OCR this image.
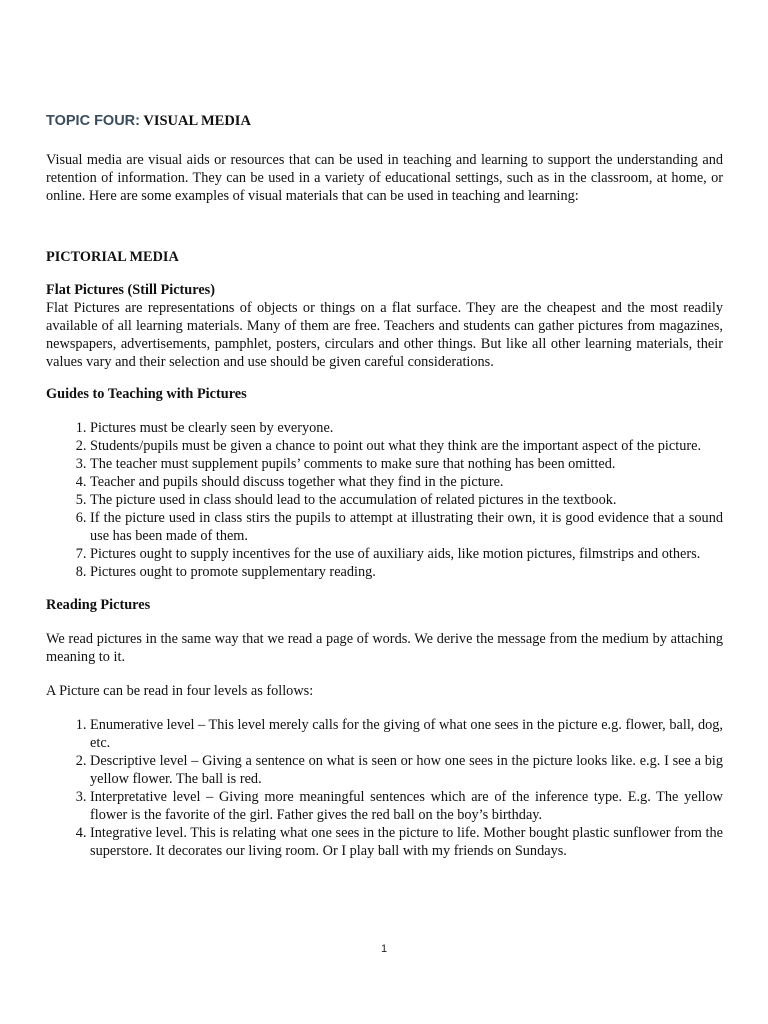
TOPIC FOUR: VISUAL MEDIA

Visual media are visual aids or resources that can be used in teaching and learning to support the understanding and retention of information. They can be used in a variety of educational settings, such as in the classroom, at home, or online. Here are some examples of visual materials that can be used in teaching and learning:

PICTORIAL MEDIA
Flat Pictures (Still Pictures)

Flat Pictures are representations of objects or things on a flat surface. They are the cheapest and the most readily available of all learning materials. Many of them are free. Teachers and students can gather pictures from magazines, newspapers, advertisements, pamphlet, posters, circulars and other things. But like all other learning materials, their values vary and their selection and use should be given careful considerations.

Guides to Teaching with Pictures
1. Pictures must be clearly seen by everyone.
2. Students/pupils must be given a chance to point out what they think are the important aspect of the picture.
3. The teacher must supplement pupils’ comments to make sure that nothing has been omitted.
4. Teacher and pupils should discuss together what they find in the picture.
5. The picture used in class should lead to the accumulation of related pictures in the textbook.
6. If the picture used in class stirs the pupils to attempt at illustrating their own, it is good evidence that a sound use has been made of them.
7. Pictures ought to supply incentives for the use of auxiliary aids, like motion pictures, filmstrips and others.
8. Pictures ought to promote supplementary reading.
Reading Pictures

We read pictures in the same way that we read a page of words. We derive the message from the medium by attaching meaning to it.

A Picture can be read in four levels as follows:

1. Enumerative level – This level merely calls for the giving of what one sees in the picture e.g. flower, ball, dog, etc.
2. Descriptive level – Giving a sentence on what is seen or how one sees in the picture looks like. e.g. I see a big yellow flower. The ball is red.
3. Interpretative level – Giving more meaningful sentences which are of the inference type. E.g. The yellow flower is the favorite of the girl. Father gives the red ball on the boy’s birthday.
4. Integrative level. This is relating what one sees in the picture to life. Mother bought plastic sunflower from the superstore. It decorates our living room. Or I play ball with my friends on Sundays.
1
